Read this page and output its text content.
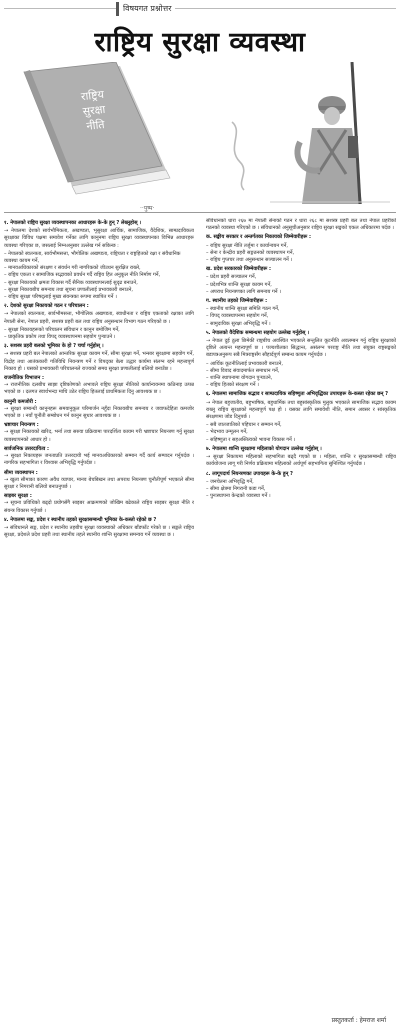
विषयगत प्रश्नोत्तर
राष्ट्रिय सुरक्षा व्यवस्था
राष्ट्रिय
सुरक्षा
नीति
··पुष्प·
१. नेपालको राष्ट्रिय सुरक्षा व्यवस्थापनका आधारहरू के-के हुन् ? लेख्नुहोस् ।
→ नेपालमा देशको सार्वभौमिकता, अखण्डता, भूसुरक्षा आर्थिक, सामाजिक, वैदेशिक, साम्प्रदायिकता सुरक्षाका विविध पक्षमा समावेश गर्नेका लागि कानुनमा राष्ट्रिय सुरक्षा व्यवस्थापनका विभिन्न आधारहरू व्यवस्था गरिएका छ, जसलाई निम्नअनुसार उल्लेख गर्न सकिन्छ :
– नेपालको स्वतन्त्रता, सार्वभौमसत्ता, भौगोलिक अखण्डता, राष्ट्रियता र राष्ट्रहितको रक्षा र संवैधानिक व्यवस्था कायम गर्ने,
– मानवअधिकारको संरक्षण र संवर्धन गरी नागरिकको जीउधन सुरक्षित राख्ने,
– राष्ट्रिय एकता र सामाजिक सद्भावको प्रवर्धन गर्दै राष्ट्रिय हित अनुकूल नीति निर्माण गर्ने,
– सुरक्षा निकायको क्षमता विकास गर्दै सैनिक व्यवस्थापनलाई सुदृढ बनाउने,
– सुरक्षा निकायबीच समन्वय तथा सूचना प्रणालीलाई प्रभावकारी बनाउने,
– राष्ट्रिय सुरक्षा परिषद्‌लाई मुख्य संयन्त्रका रूपमा स्थापित गर्ने ।
२. देशको सुरक्षा निकायको गठन र परिचालन :
→ नेपालको स्वतन्त्रता, सार्वभौमसत्ता, भौगोलिक अखण्डता, स्वाधीनता र राष्ट्रिय एकताको रक्षाका लागि नेपाली सेना, नेपाल प्रहरी, सशस्त्र प्रहरी बल तथा राष्ट्रिय अनुसन्धान विभाग गठन गरिएको छ ।
– सुरक्षा निकायहरूको परिचालन संविधान र कानुन बमोजिम गर्ने,
– प्राकृतिक प्रकोप तथा विपद् व्यवस्थापनमा सहयोग पुर्‍याउने ।
३. सशस्त्र प्रहरी बलको भूमिका के हो ? चर्चा गर्नुहोस् ।
→ सशस्त्र प्रहरी बल नेपालको आन्तरिक सुरक्षा कायम गर्ने, सीमा सुरक्षा गर्ने, भन्सार सुरक्षामा सहयोग गर्ने, विद्रोह तथा आतंककारी गतिविधि नियन्त्रण गर्ने र विपद्‍का बेला उद्धार कार्यमा संलग्न रहने महत्त्वपूर्ण निकाय हो । यसको प्रभावकारी परिचालनले राज्यको समग्र सुरक्षा प्रणालीलाई बलियो बनाउँछ ।
राजनीतिक विभाजन :
→ राजनीतिक दलबीच साझा दृष्टिकोणको अभावले राष्ट्रिय सुरक्षा नीतिको कार्यान्वयनमा कठिनाइ उत्पन्न भएको छ । दलगत स्वार्थभन्दा माथि उठेर राष्ट्रिय हितलाई प्राथमिकता दिनु आवश्यक छ ।
कानुनी कमजोरी :
→ सुरक्षा सम्बन्धी कानुनहरू समयानुकूल परिमार्जन नहुँदा निकायबीच समन्वय र जवाफदेहिता कमजोर भएको छ । नयाँ चुनौती सम्बोधन गर्न कानुन सुधार आवश्यक छ ।
भ्रष्टाचार नियन्त्रण :
→ सुरक्षा निकायको खरिद, भर्ना तथा सरुवा प्रक्रियामा पारदर्शिता कायम गरी भ्रष्टाचार नियन्त्रण गर्नु सुरक्षा व्यवस्थापनको आधार हो ।
सार्वजनिक उत्तरदायित्व :
→ सुरक्षा निकायहरू जनताप्रति उत्तरदायी भई मानवअधिकारको सम्मान गर्दै कार्य सम्पादन गर्नुपर्दछ । नागरिक सहभागिता र विश्वास अभिवृद्धि गर्नुपर्दछ ।
सीमा व्यवस्थापन :
→ खुला सीमाका कारण अवैध व्यापार, मानव बेचबिखन तथा अपराध नियन्त्रण चुनौतीपूर्ण भएकाले सीमा सुरक्षा र निगरानी बलियो बनाउनुपर्छ ।
साइबर सुरक्षा :
→ सूचना प्रविधिको बढ्दो प्रयोगसँगै साइबर आक्रमणको जोखिम बढेकाले राष्ट्रिय साइबर सुरक्षा नीति र संयन्त्र विकास गर्नुपर्छ ।
४. नेपालमा सङ्घ, प्रदेश र स्थानीय तहको सुरक्षासम्बन्धी भूमिका के-कस्तो रहेको छ ?
→ संविधानले सङ्घ, प्रदेश र स्थानीय तहबीच सुरक्षा व्यवस्थाको अधिकार बाँडफाँट गरेको छ । सङ्घले राष्ट्रिय सुरक्षा, प्रदेशले प्रदेश प्रहरी तथा स्थानीय तहले स्थानीय शान्ति सुरक्षामा समन्वय गर्ने व्यवस्था छ ।
संविधानको धारा २६७ मा नेपाली सेनाको गठन र धारा २६८ मा सशस्त्र प्रहरी बल तथा नेपाल प्रहरीको गठनको व्यवस्था गरिएको छ । संविधानको अनुसूचीअनुसार राष्ट्रिय सुरक्षा सङ्घको एकल अधिकारमा पर्दछ ।
क. सङ्घीय सरकार र अन्तर्गतका निकायको जिम्मेवारीहरू :
– राष्ट्रिय सुरक्षा नीति तर्जुमा र कार्यान्वयन गर्ने,
– सेना र केन्द्रीय प्रहरी सङ्गठनको व्यवस्थापन गर्ने,
– राष्ट्रिय गुप्तचर तथा अनुसन्धान सञ्चालन गर्ने ।
ख. प्रदेश सरकारको जिम्मेवारीहरू :
– प्रदेश प्रहरी सञ्चालन गर्ने,
– प्रदेशभित्र शान्ति सुरक्षा कायम गर्ने,
– अपराध नियन्त्रणका लागि समन्वय गर्ने ।
ग. स्थानीय तहको जिम्मेवारीहरू :
– स्थानीय शान्ति सुरक्षा समिति गठन गर्ने,
– विपद् व्यवस्थापनमा सहयोग गर्ने,
– सामुदायिक सुरक्षा अभिवृद्धि गर्ने ।
५. नेपालको वैदेशिक सम्बन्धमा सहयोग उल्लेख गर्नुहोस् ।
→ नेपाल दुई ठूला छिमेकी राष्ट्रबीच अवस्थित भएकाले सन्तुलित कूटनीति अवलम्बन गर्नु राष्ट्रिय सुरक्षाको दृष्टिले अत्यन्त महत्त्वपूर्ण छ । पञ्चशीलका सिद्धान्त, असंलग्न परराष्ट्र नीति तथा संयुक्त राष्ट्रसङ्घको बडापत्रअनुरूप सबै मित्रराष्ट्रसँग सौहार्दपूर्ण सम्बन्ध कायम गर्नुपर्दछ ।
– आर्थिक कूटनीतिलाई प्रभावकारी बनाउने,
– सीमा विवाद संवादमार्फत समाधान गर्ने,
– शान्ति स्थापनामा योगदान पुर्‍याउने,
– राष्ट्रिय हितको संरक्षण गर्ने ।
६. नेपालमा सामाजिक सद्भाव र साम्प्रदायिक सहिष्णुता अभिवृद्धिका उपायहरू के-कस्ता रहेका छन् ?
→ नेपाल बहुजातीय, बहुभाषिक, बहुधार्मिक तथा बहुसांस्कृतिक मुलुक भएकाले सामाजिक सद्भाव कायम राख्नु राष्ट्रिय सुरक्षाको महत्त्वपूर्ण पक्ष हो । यसका लागि समावेशी नीति, समान अवसर र सांस्कृतिक संरक्षणमा जोड दिनुपर्छ ।
– सबै जातजातिको पहिचान र सम्मान गर्ने,
– भेदभाव उन्मूलन गर्ने,
– सहिष्णुता र सहअस्तित्वको भावना विकास गर्ने ।
७. नेपालमा शान्ति सुरक्षामा महिलाको योगदान उल्लेख गर्नुहोस् ।
→ सुरक्षा निकायमा महिलाको सहभागिता बढ्दै गएको छ । महिला, शान्ति र सुरक्षासम्बन्धी राष्ट्रिय कार्ययोजना लागू गरी निर्णय प्रक्रियामा महिलाको अर्थपूर्ण सहभागिता सुनिश्चित गर्नुपर्दछ ।
८. लागूपदार्थ नियन्त्रणका उपायहरू के-के हुन् ?
– जनचेतना अभिवृद्धि गर्ने,
– सीमा क्षेत्रमा निगरानी कडा गर्ने,
– पुनःस्थापना केन्द्रको व्यवस्था गर्ने ।
प्रस्तुतकर्ता : हेमराज शर्मा
